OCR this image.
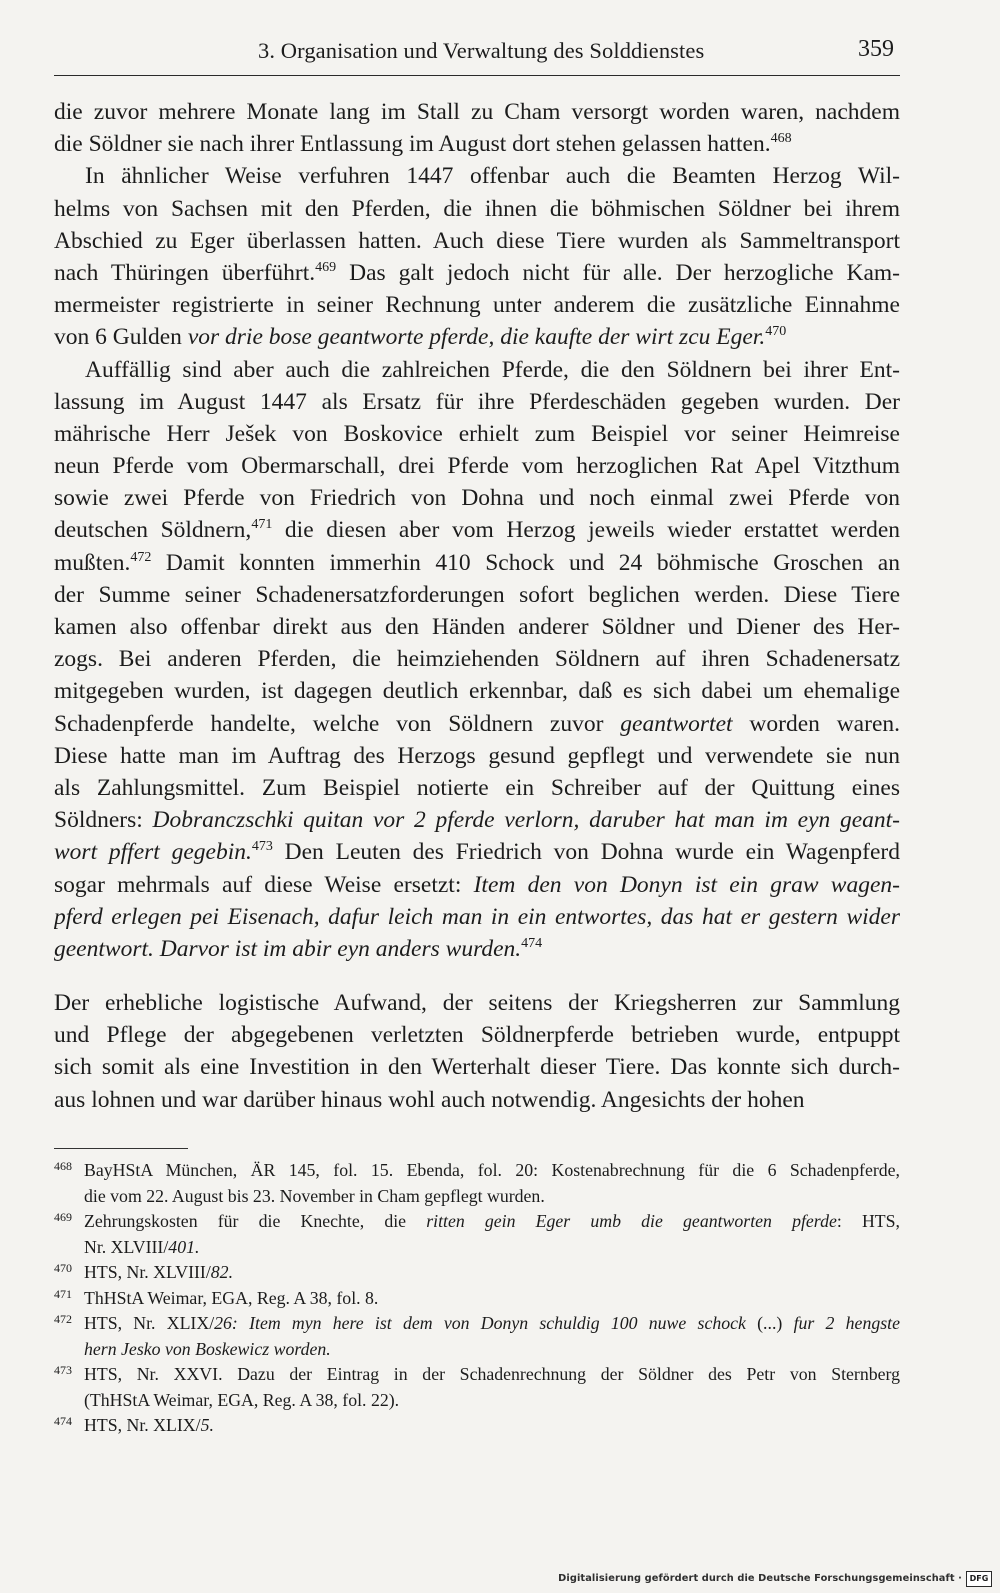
3. Organisation und Verwaltung des Solddienstes	359
die zuvor mehrere Monate lang im Stall zu Cham versorgt worden waren, nachdem
die Söldner sie nach ihrer Entlassung im August dort stehen gelassen hatten.$^{468}$
In ähnlicher Weise verfuhren 1447 offenbar auch die Beamten Herzog Wil-
helms von Sachsen mit den Pferden, die ihnen die böhmischen Söldner bei ihrem
Abschied zu Eger überlassen hatten. Auch diese Tiere wurden als Sammeltransport
nach Thüringen überführt.$^{469}$ Das galt jedoch nicht für alle. Der herzogliche Kam-
mermeister registrierte in seiner Rechnung unter anderem die zusätzliche Einnahme
von 6 Gulden vor drie bose geantworte pferde, die kaufte der wirt zcu Eger.$^{470}$
Auffällig sind aber auch die zahlreichen Pferde, die den Söldnern bei ihrer Ent-
lassung im August 1447 als Ersatz für ihre Pferdeschäden gegeben wurden. Der
mährische Herr Ješek von Boskovice erhielt zum Beispiel vor seiner Heimreise
neun Pferde vom Obermarschall, drei Pferde vom herzoglichen Rat Apel Vitzthum
sowie zwei Pferde von Friedrich von Dohna und noch einmal zwei Pferde von
deutschen Söldnern,$^{471}$ die diesen aber vom Herzog jeweils wieder erstattet werden
mußten.$^{472}$ Damit konnten immerhin 410 Schock und 24 böhmische Groschen an
der Summe seiner Schadenersatzforderungen sofort beglichen werden. Diese Tiere
kamen also offenbar direkt aus den Händen anderer Söldner und Diener des Her-
zogs. Bei anderen Pferden, die heimziehenden Söldnern auf ihren Schadenersatz
mitgegeben wurden, ist dagegen deutlich erkennbar, daß es sich dabei um ehemalige
Schadenpferde handelte, welche von Söldnern zuvor geantwortet worden waren.
Diese hatte man im Auftrag des Herzogs gesund gepflegt und verwendete sie nun
als Zahlungsmittel. Zum Beispiel notierte ein Schreiber auf der Quittung eines
Söldners: Dobranczschki quitan vor 2 pferde verlorn, daruber hat man im eyn geant-
wort pffert gegebin.$^{473}$ Den Leuten des Friedrich von Dohna wurde ein Wagenpferd
sogar mehrmals auf diese Weise ersetzt: Item den von Donyn ist ein graw wagen-
pferd erlegen pei Eisenach, dafur leich man in ein entwortes, das hat er gestern wider
geentwort. Darvor ist im abir eyn anders wurden.$^{474}$
Der erhebliche logistische Aufwand, der seitens der Kriegsherren zur Sammlung
und Pflege der abgegebenen verletzten Söldnerpferde betrieben wurde, entpuppt
sich somit als eine Investition in den Werterhalt dieser Tiere. Das konnte sich durch-
aus lohnen und war darüber hinaus wohl auch notwendig. Angesichts der hohen
468 BayHStA München, ÄR 145, fol. 15. Ebenda, fol. 20: Kostenabrechnung für die 6 Schadenpferde,
die vom 22. August bis 23. November in Cham gepflegt wurden.
469 Zehrungskosten für die Knechte, die ritten gein Eger umb die geantworten pferde: HTS,
Nr. XLVIII/401.
470 HTS, Nr. XLVIII/82.
471 ThHStA Weimar, EGA, Reg. A 38, fol. 8.
472 HTS, Nr. XLIX/26: Item myn here ist dem von Donyn schuldig 100 nuwe schock (...) fur 2 hengste
hern Jesko von Boskewicz worden.
473 HTS, Nr. XXVI. Dazu der Eintrag in der Schadenrechnung der Söldner des Petr von Sternberg
(ThHStA Weimar, EGA, Reg. A 38, fol. 22).
474 HTS, Nr. XLIX/5.
Digitalisierung gefördert durch die Deutsche Forschungsgemeinschaft · DFG
